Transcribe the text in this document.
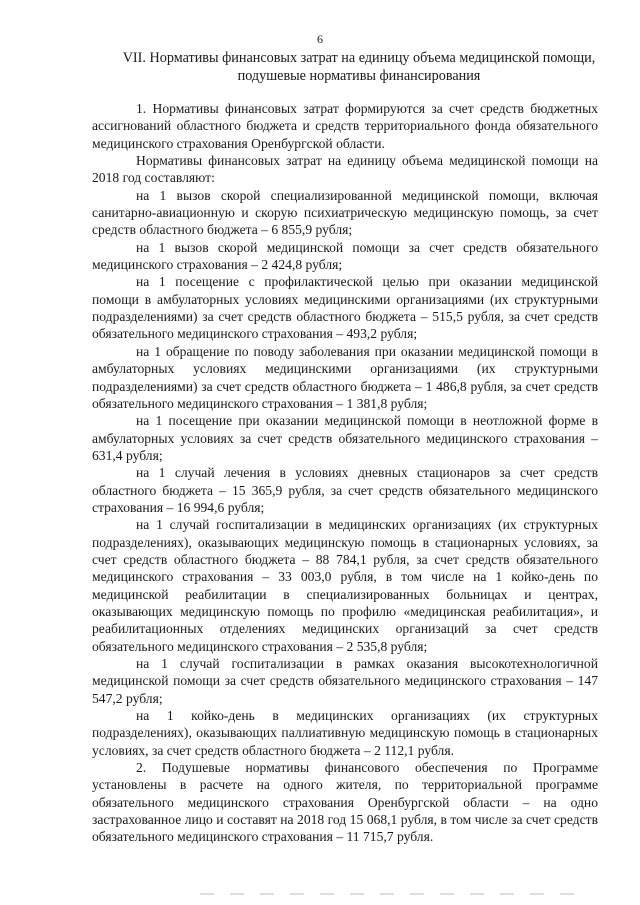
6
VII. Нормативы финансовых затрат на единицу объема медицинской помощи, подушевые нормативы финансирования

1. Нормативы финансовых затрат формируются за счет средств бюджетных ассигнований областного бюджета и средств территориального фонда обязательного медицинского страхования Оренбургской области.

Нормативы финансовых затрат на единицу объема медицинской помощи на 2018 год составляют:

на 1 вызов скорой специализированной медицинской помощи, включая санитарно-авиационную и скорую психиатрическую медицинскую помощь, за счет средств областного бюджета – 6 855,9 рубля;

на 1 вызов скорой медицинской помощи за счет средств обязательного медицинского страхования – 2 424,8 рубля;

на 1 посещение с профилактической целью при оказании медицинской помощи в амбулаторных условиях медицинскими организациями (их структурными подразделениями) за счет средств областного бюджета – 515,5 рубля, за счет средств обязательного медицинского страхования – 493,2 рубля;

на 1 обращение по поводу заболевания при оказании медицинской помощи в амбулаторных условиях медицинскими организациями (их структурными подразделениями) за счет средств областного бюджета – 1 486,8 рубля, за счет средств обязательного медицинского страхования – 1 381,8 рубля;

на 1 посещение при оказании медицинской помощи в неотложной форме в амбулаторных условиях за счет средств обязательного медицинского страхования – 631,4 рубля;

на 1 случай лечения в условиях дневных стационаров за счет средств областного бюджета – 15 365,9 рубля, за счет средств обязательного медицинского страхования – 16 994,6 рубля;

на 1 случай госпитализации в медицинских организациях (их структурных подразделениях), оказывающих медицинскую помощь в стационарных условиях, за счет средств областного бюджета – 88 784,1 рубля, за счет средств обязательного медицинского страхования – 33 003,0 рубля, в том числе на 1 койко-день по медицинской реабилитации в специализированных больницах и центрах, оказывающих медицинскую помощь по профилю «медицинская реабилитация», и реабилитационных отделениях медицинских организаций за счет средств обязательного медицинского страхования – 2 535,8 рубля;

на 1 случай госпитализации в рамках оказания высокотехнологичной медицинской помощи за счет средств обязательного медицинского страхования – 147 547,2 рубля;

на 1 койко-день в медицинских организациях (их структурных подразделениях), оказывающих паллиативную медицинскую помощь в стационарных условиях, за счет средств областного бюджета – 2 112,1 рубля.

2. Подушевые нормативы финансового обеспечения по Программе установлены в расчете на одного жителя, по территориальной программе обязательного медицинского страхования Оренбургской области – на одно застрахованное лицо и составят на 2018 год 15 068,1 рубля, в том числе за счет средств обязательного медицинского страхования – 11 715,7 рубля.
